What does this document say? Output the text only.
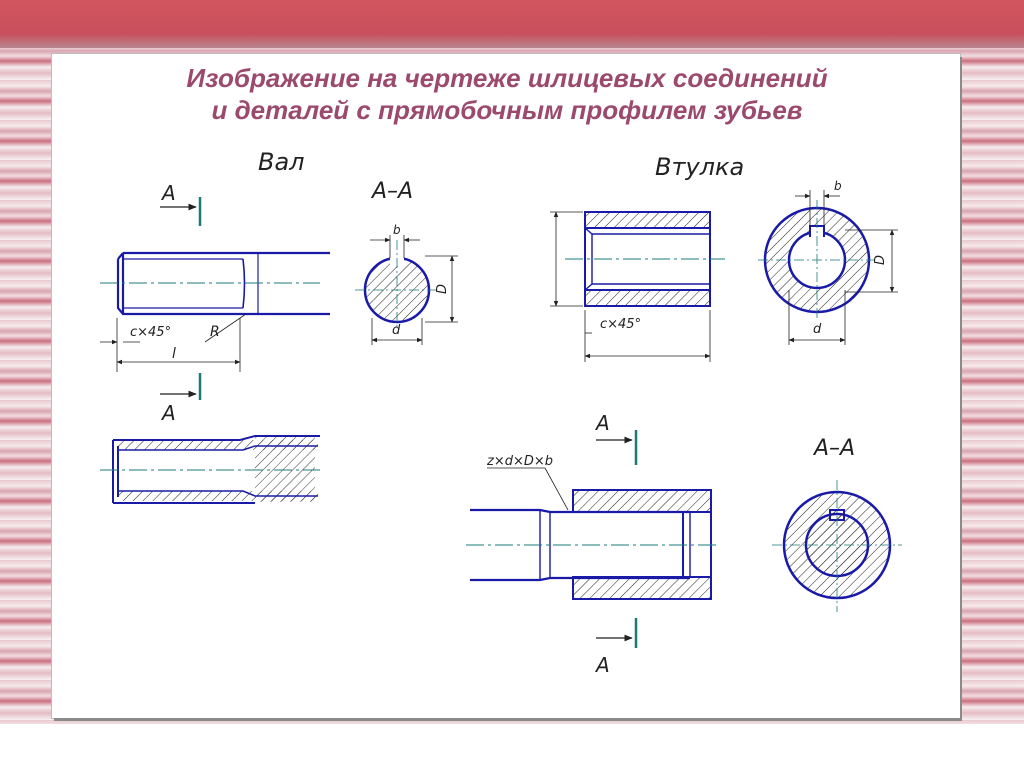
Изображение на чертеже шлицевых соединений
и деталей с прямобочным профилем зубьев
Вал
A
c×45°
l
R
A
A–A
b
D
d
Втулка
c×45°
b
D
d
A
z×d×D×b
A
A–A
